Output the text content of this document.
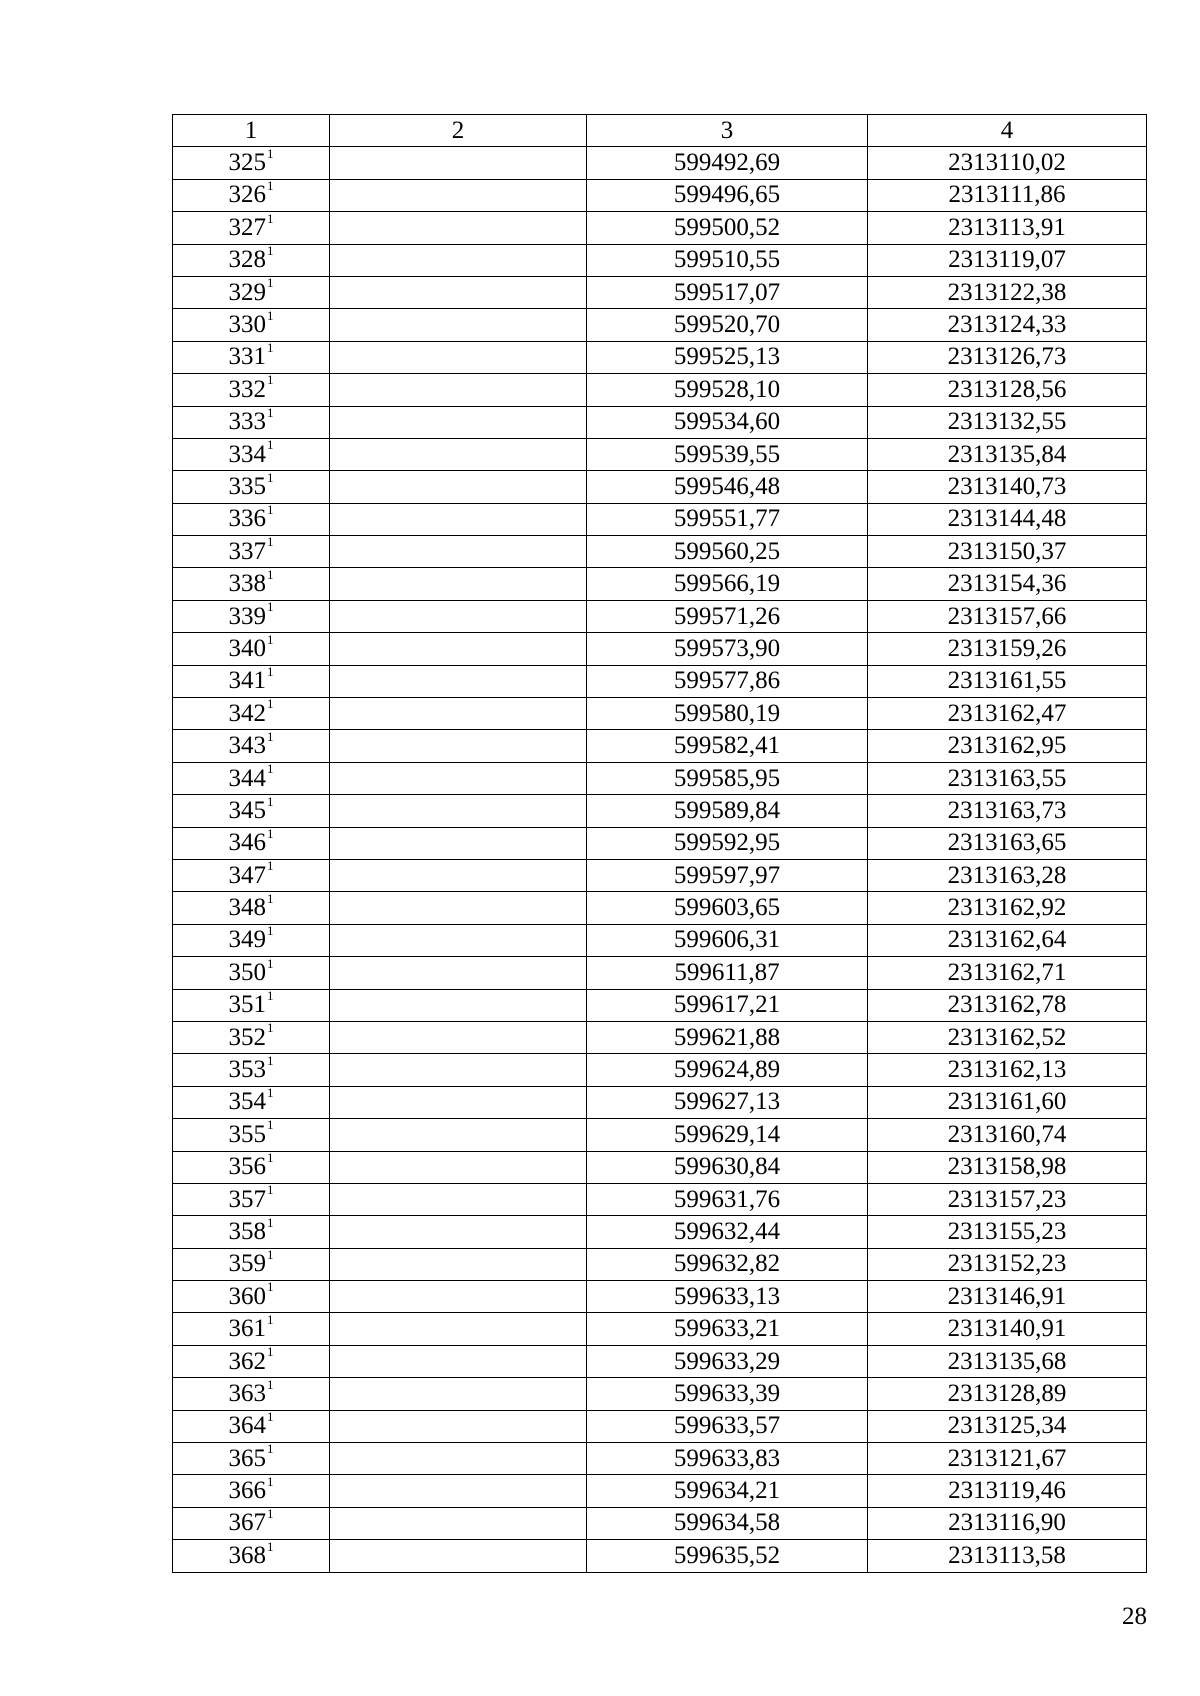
1	2	3	4
$325^1$		599492,69	2313110,02
$326^1$		599496,65	2313111,86
$327^1$		599500,52	2313113,91
$328^1$		599510,55	2313119,07
$329^1$		599517,07	2313122,38
$330^1$		599520,70	2313124,33
$331^1$		599525,13	2313126,73
$332^1$		599528,10	2313128,56
$333^1$		599534,60	2313132,55
$334^1$		599539,55	2313135,84
$335^1$		599546,48	2313140,73
$336^1$		599551,77	2313144,48
$337^1$		599560,25	2313150,37
$338^1$		599566,19	2313154,36
$339^1$		599571,26	2313157,66
$340^1$		599573,90	2313159,26
$341^1$		599577,86	2313161,55
$342^1$		599580,19	2313162,47
$343^1$		599582,41	2313162,95
$344^1$		599585,95	2313163,55
$345^1$		599589,84	2313163,73
$346^1$		599592,95	2313163,65
$347^1$		599597,97	2313163,28
$348^1$		599603,65	2313162,92
$349^1$		599606,31	2313162,64
$350^1$		599611,87	2313162,71
$351^1$		599617,21	2313162,78
$352^1$		599621,88	2313162,52
$353^1$		599624,89	2313162,13
$354^1$		599627,13	2313161,60
$355^1$		599629,14	2313160,74
$356^1$		599630,84	2313158,98
$357^1$		599631,76	2313157,23
$358^1$		599632,44	2313155,23
$359^1$		599632,82	2313152,23
$360^1$		599633,13	2313146,91
$361^1$		599633,21	2313140,91
$362^1$		599633,29	2313135,68
$363^1$		599633,39	2313128,89
$364^1$		599633,57	2313125,34
$365^1$		599633,83	2313121,67
$366^1$		599634,21	2313119,46
$367^1$		599634,58	2313116,90
$368^1$		599635,52	2313113,58
28
